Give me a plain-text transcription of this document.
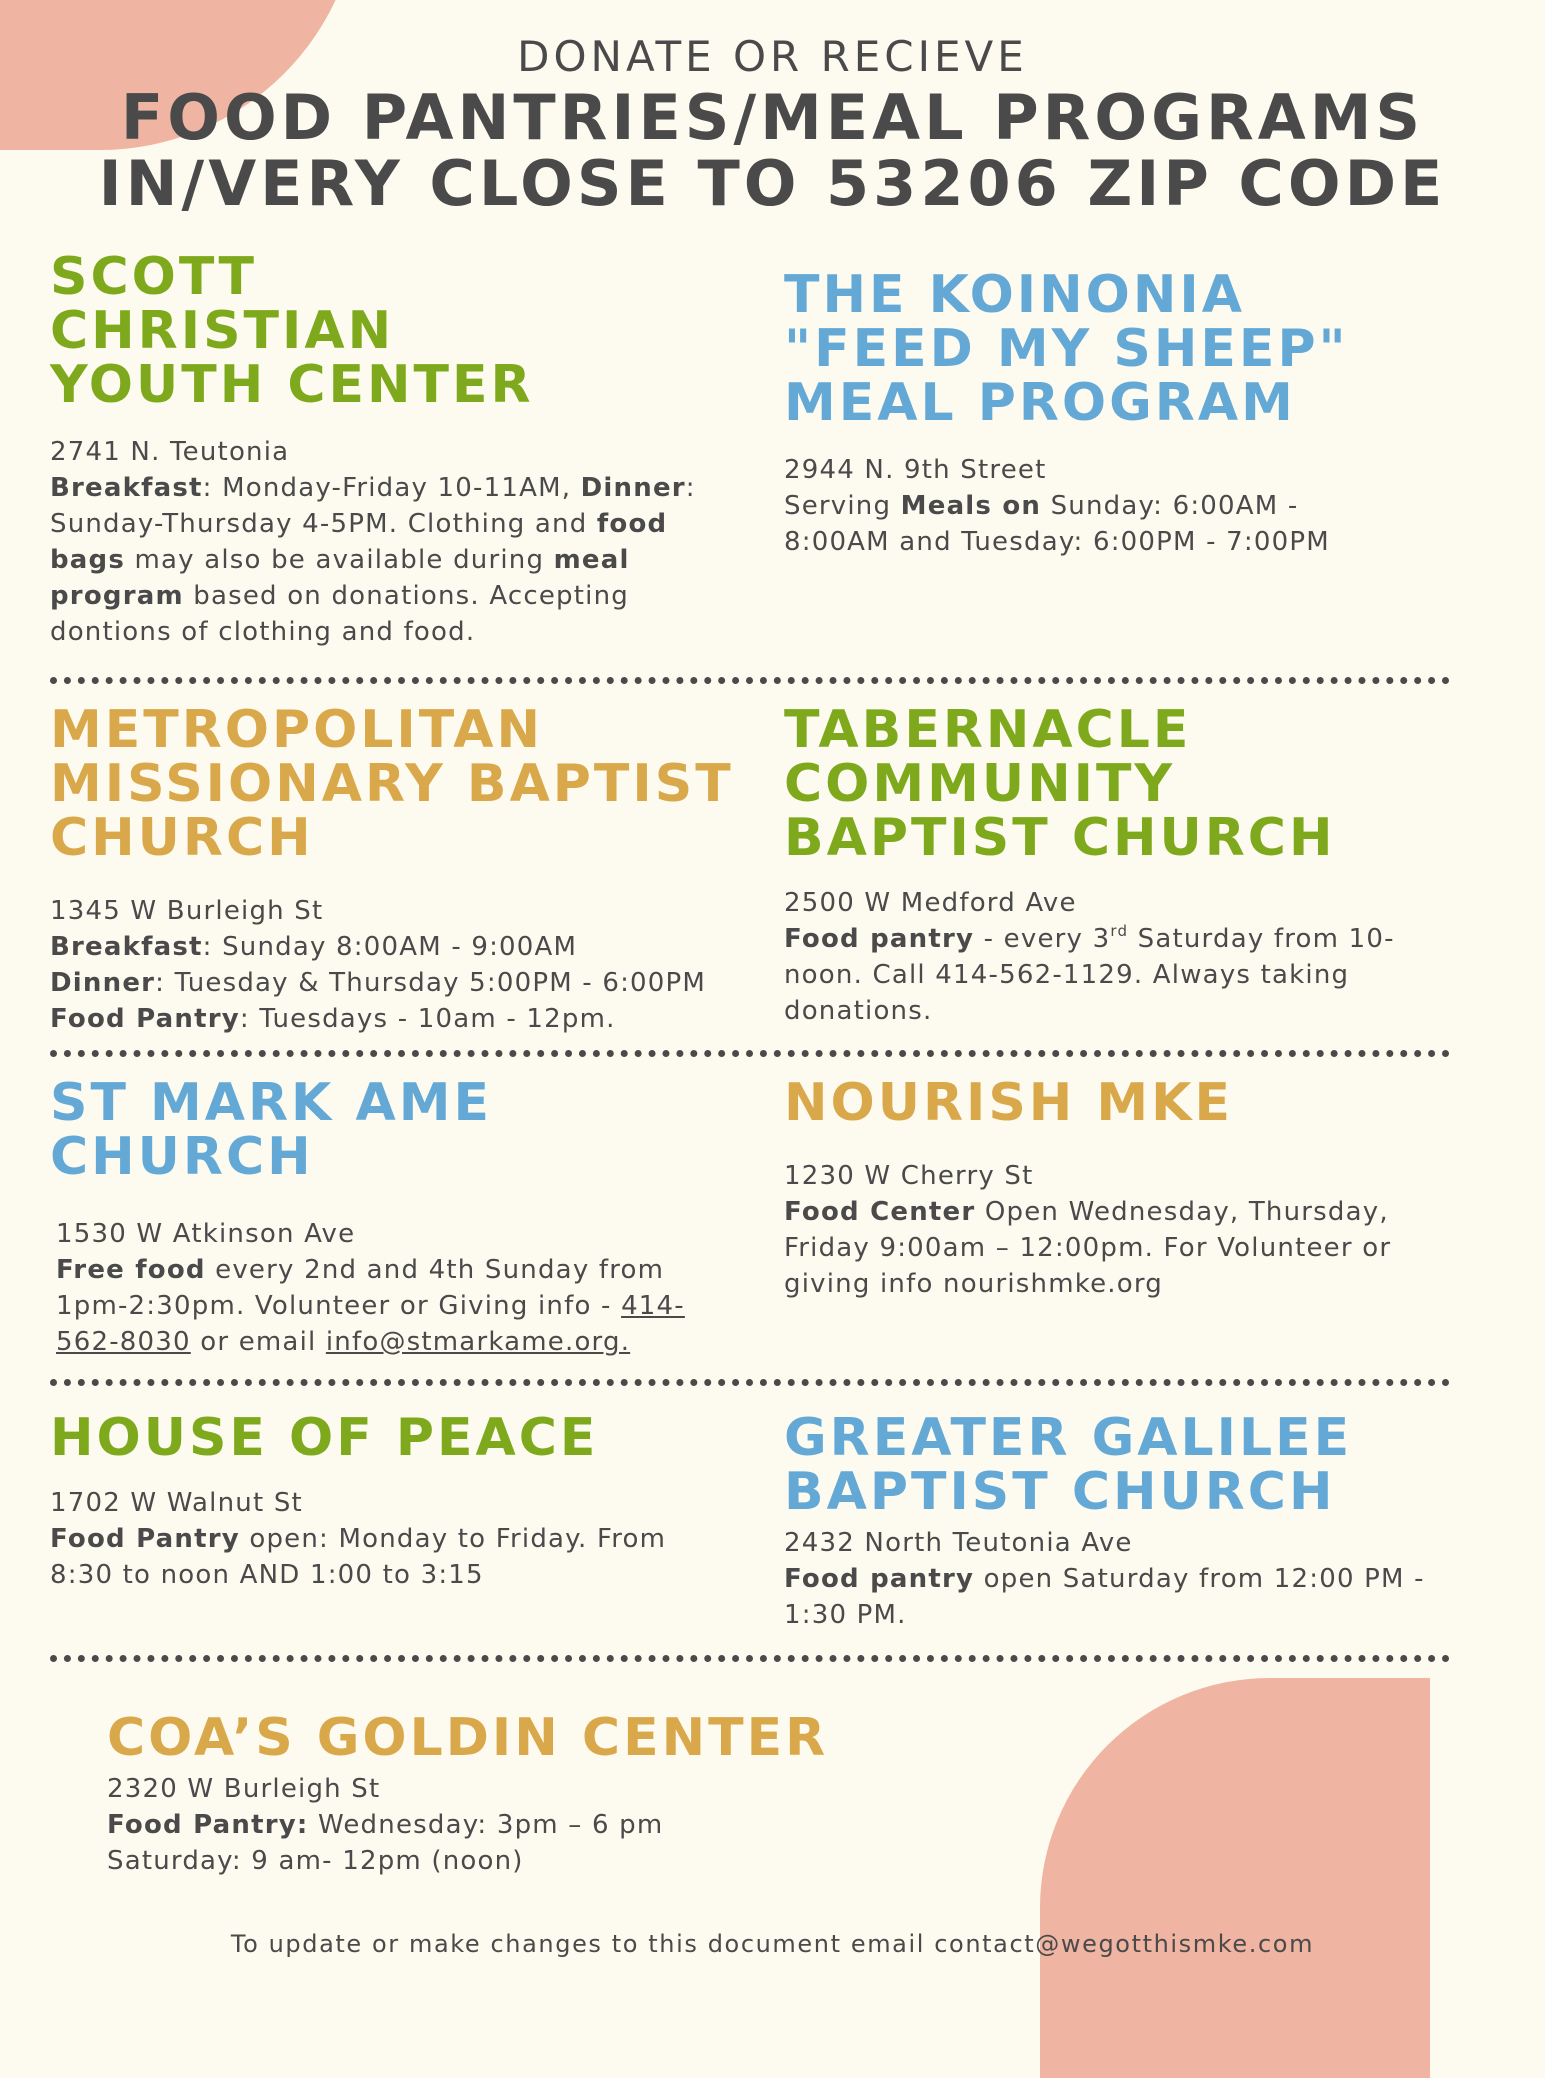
DONATE OR RECIEVE
FOOD PANTRIES/MEAL PROGRAMS
IN/VERY CLOSE TO 53206 ZIP CODE
SCOTT
CHRISTIAN
YOUTH CENTER
2741 N. Teutonia
Breakfast: Monday-Friday 10-11AM, Dinner:
Sunday-Thursday 4-5PM. Clothing and food
bags may also be available during meal
program based on donations. Accepting
dontions of clothing and food.
THE KOINONIA
"FEED MY SHEEP"
MEAL PROGRAM
2944 N. 9th Street
Serving Meals on Sunday: 6:00AM -
8:00AM and Tuesday: 6:00PM - 7:00PM
METROPOLITAN
MISSIONARY BAPTIST
CHURCH
1345 W Burleigh St
Breakfast: Sunday 8:00AM - 9:00AM
Dinner: Tuesday & Thursday 5:00PM - 6:00PM
Food Pantry: Tuesdays - 10am - 12pm.
TABERNACLE
COMMUNITY
BAPTIST CHURCH
2500 W Medford Ave
Food pantry - every 3rd Saturday from 10-
noon. Call 414-562-1129. Always taking
donations.
ST MARK AME
CHURCH
1530 W Atkinson Ave
Free food every 2nd and 4th Sunday from
1pm-2:30pm. Volunteer or Giving info - 414-
562-8030 or email info@stmarkame.org.
NOURISH MKE
1230 W Cherry St
Food Center Open Wednesday, Thursday,
Friday 9:00am – 12:00pm. For Volunteer or
giving info nourishmke.org
HOUSE OF PEACE
1702 W Walnut St
Food Pantry open: Monday to Friday. From
8:30 to noon AND 1:00 to 3:15
GREATER GALILEE
BAPTIST CHURCH
2432 North Teutonia Ave
Food pantry open Saturday from 12:00 PM -
1:30 PM.
COA’S GOLDIN CENTER
2320 W Burleigh St
Food Pantry: Wednesday: 3pm – 6 pm
Saturday: 9 am- 12pm (noon)
To update or make changes to this document email contact@wegotthismke.com
